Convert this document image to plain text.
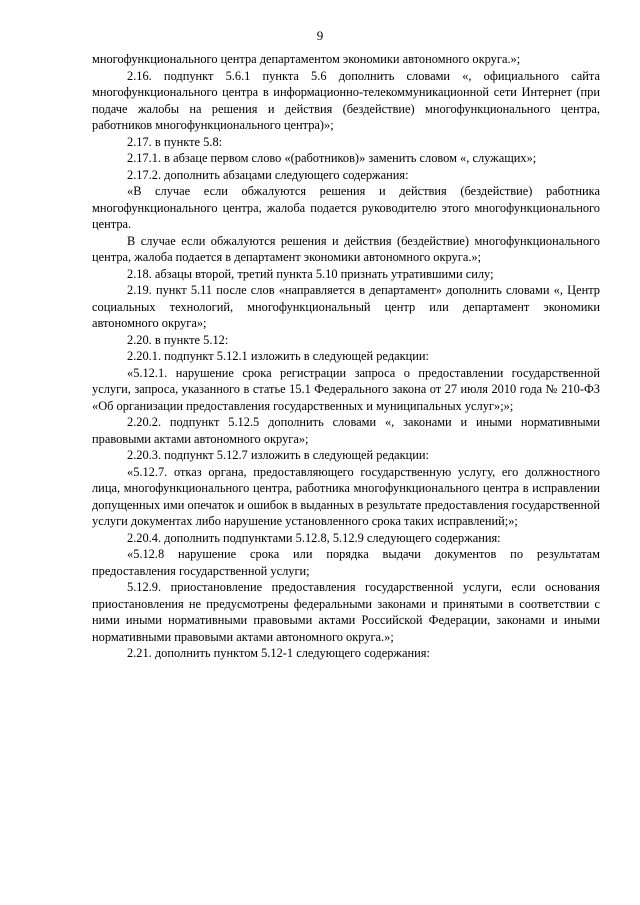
9

многофункционального центра департаментом экономики автономного округа.»;

2.16. подпункт 5.6.1 пункта 5.6 дополнить словами «, официального сайта многофункционального центра в информационно-телекоммуникационной сети Интернет (при подаче жалобы на решения и действия (бездействие) многофункционального центра, работников многофункционального центра)»;

2.17. в пункте 5.8:

2.17.1. в абзаце первом слово «(работников)» заменить словом «, служащих»;

2.17.2. дополнить абзацами следующего содержания:

«В случае если обжалуются решения и действия (бездействие) работника многофункционального центра, жалоба подается руководителю этого многофункционального центра.

В случае если обжалуются решения и действия (бездействие) многофункционального центра, жалоба подается в департамент экономики автономного округа.»;

2.18. абзацы второй, третий пункта 5.10 признать утратившими силу;

2.19. пункт 5.11 после слов «направляется в департамент» дополнить словами «, Центр социальных технологий, многофункциональный центр или департамент экономики автономного округа»;

2.20. в пункте 5.12:

2.20.1. подпункт 5.12.1 изложить в следующей редакции:

«5.12.1. нарушение срока регистрации запроса о предоставлении государственной услуги, запроса, указанного в статье 15.1 Федерального закона от 27 июля 2010 года № 210-ФЗ «Об организации предоставления государственных и муниципальных услуг»;»;

2.20.2. подпункт 5.12.5 дополнить словами «, законами и иными нормативными правовыми актами автономного округа»;

2.20.3. подпункт 5.12.7 изложить в следующей редакции:

«5.12.7. отказ органа, предоставляющего государственную услугу, его должностного лица, многофункционального центра, работника многофункционального центра в исправлении допущенных ими опечаток и ошибок в выданных в результате предоставления государственной услуги документах либо нарушение установленного срока таких исправлений;»;

2.20.4. дополнить подпунктами 5.12.8, 5.12.9 следующего содержания:

«5.12.8 нарушение срока или порядка выдачи документов по результатам предоставления государственной услуги;

5.12.9. приостановление предоставления государственной услуги, если основания приостановления не предусмотрены федеральными законами и принятыми в соответствии с ними иными нормативными правовыми актами Российской Федерации, законами и иными нормативными правовыми актами автономного округа.»;

2.21. дополнить пунктом 5.12-1 следующего содержания:
